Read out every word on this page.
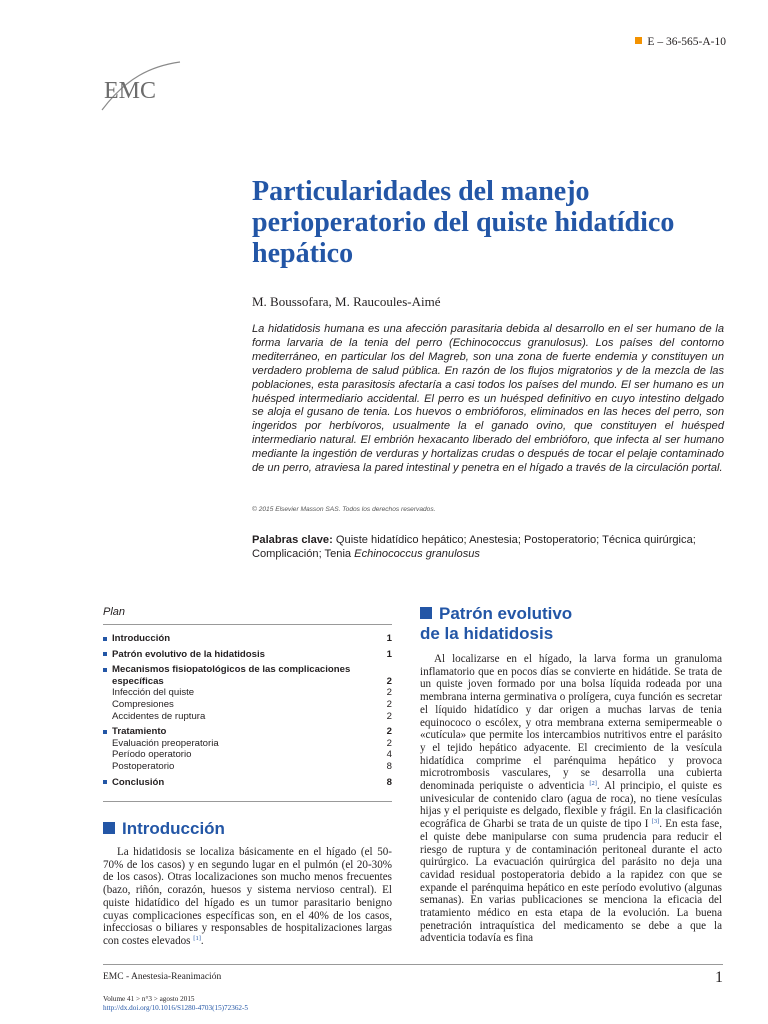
E – 36-565-A-10
EMC
Particularidades del manejo perioperatorio del quiste hidatídico hepático
M. Boussofara, M. Raucoules-Aimé

La hidatidosis humana es una afección parasitaria debida al desarrollo en el ser humano de la forma larvaria de la tenia del perro (Echinococcus granulosus). Los países del contorno mediterráneo, en particular los del Magreb, son una zona de fuerte endemia y constituyen un verdadero problema de salud pública. En razón de los flujos migratorios y de la mezcla de las poblaciones, esta parasitosis afectaría a casi todos los países del mundo. El ser humano es un huésped intermediario accidental. El perro es un huésped definitivo en cuyo intestino delgado se aloja el gusano de tenia. Los huevos o embrióforos, eliminados en las heces del perro, son ingeridos por herbívoros, usualmente la el ganado ovino, que constituyen el huésped intermediario natural. El embrión hexacanto liberado del embrióforo, que infecta al ser humano mediante la ingestión de verduras y hortalizas crudas o después de tocar el pelaje contaminado de un perro, atraviesa la pared intestinal y penetra en el hígado a través de la circulación portal.

© 2015 Elsevier Masson SAS. Todos los derechos reservados.

Palabras clave: Quiste hidatídico hepático; Anestesia; Postoperatorio; Técnica quirúrgica; Complicación; Tenia Echinococcus granulosus

Plan
Introducción	1
Patrón evolutivo de la hidatidosis	1
Mecanismos fisiopatológicos de las complicaciones
específicas	2
Infección del quiste	2
Compresiones	2
Accidentes de ruptura	2
Tratamiento	2
Evaluación preoperatoria	2
Período operatorio	4
Postoperatorio	8
Conclusión	8
Introducción

La hidatidosis se localiza básicamente en el hígado (el 50-70% de los casos) y en segundo lugar en el pulmón (el 20-30% de los casos). Otras localizaciones son mucho menos frecuentes (bazo, riñón, corazón, huesos y sistema nervioso central). El quiste hidatídico del hígado es un tumor parasitario benigno cuyas complicaciones específicas son, en el 40% de los casos, infecciosas o biliares y responsables de hospitalizaciones largas con costes elevados [1].

Patrón evolutivo
de la hidatidosis

Al localizarse en el hígado, la larva forma un granuloma inflamatorio que en pocos días se convierte en hidátide. Se trata de un quiste joven formado por una bolsa líquida rodeada por una membrana interna germinativa o prolígera, cuya función es secretar el líquido hidatídico y dar origen a muchas larvas de tenia equinococo o escólex, y otra membrana externa semipermeable o «cutícula» que permite los intercambios nutritivos entre el parásito y el tejido hepático adyacente. El crecimiento de la vesícula hidatídica comprime el parénquima hepático y provoca microtrombosis vasculares, y se desarrolla una cubierta denominada periquiste o adventicia [2]. Al principio, el quiste es univesicular de contenido claro (agua de roca), no tiene vesículas hijas y el periquiste es delgado, flexible y frágil. En la clasificación ecográfica de Gharbi se trata de un quiste de tipo I [3]. En esta fase, el quiste debe manipularse con suma prudencia para reducir el riesgo de ruptura y de contaminación peritoneal durante el acto quirúrgico. La evacuación quirúrgica del parásito no deja una cavidad residual postoperatoria debido a la rapidez con que se expande el parénquima hepático en este período evolutivo (algunas semanas). En varias publicaciones se menciona la eficacia del tratamiento médico en esta etapa de la evolución. La buena penetración intraquística del medicamento se debe a que la adventicia todavía es fina

EMC - Anestesia-Reanimación	1
Volume 41 > n°3 > agosto 2015
http://dx.doi.org/10.1016/S1280-4703(15)72362-5
